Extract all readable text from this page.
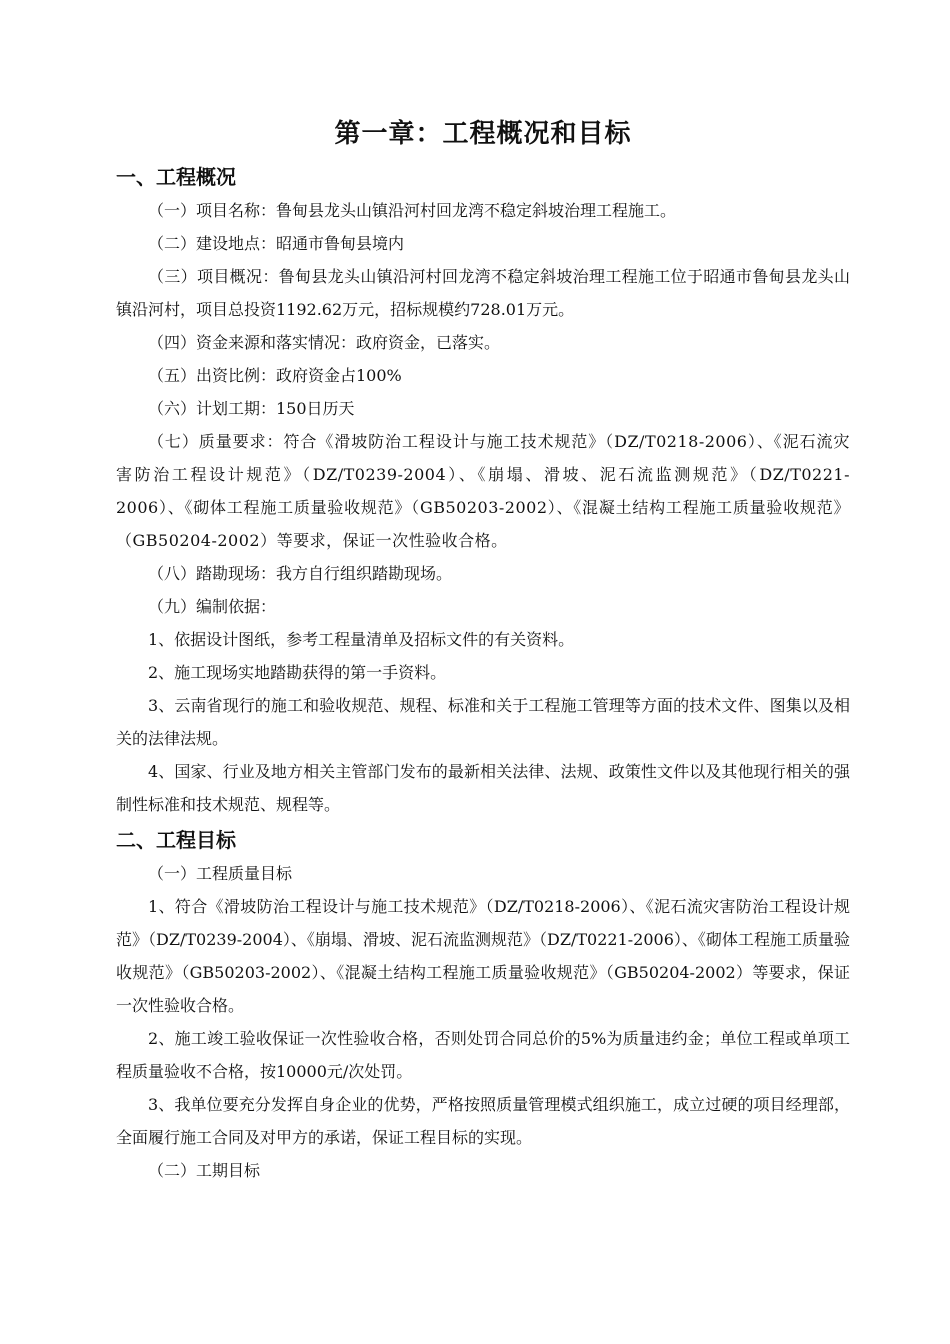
第一章：工程概况和目标
一、工程概况

（一）项目名称：鲁甸县龙头山镇沿河村回龙湾不稳定斜坡治理工程施工。

（二）建设地点：昭通市鲁甸县境内

（三）项目概况：鲁甸县龙头山镇沿河村回龙湾不稳定斜坡治理工程施工位于昭通市鲁甸县龙头山镇沿河村，项目总投资1192.62万元，招标规模约728.01万元。

（四）资金来源和落实情况：政府资金，已落实。

（五）出资比例：政府资金占100%

（六）计划工期：150日历天

（七）质量要求：符合《滑坡防治工程设计与施工技术规范》（DZ/T0218-2006）、《泥石流灾害防治工程设计规范》（DZ/T0239-2004）、《崩塌、滑坡、泥石流监测规范》（DZ/T0221-2006）、《砌体工程施工质量验收规范》（GB50203-2002）、《混凝土结构工程施工质量验收规范》（GB50204-2002）等要求，保证一次性验收合格。

（八）踏勘现场：我方自行组织踏勘现场。

（九）编制依据：

1、依据设计图纸，参考工程量清单及招标文件的有关资料。

2、施工现场实地踏勘获得的第一手资料。

3、云南省现行的施工和验收规范、规程、标准和关于工程施工管理等方面的技术文件、图集以及相关的法律法规。

4、国家、行业及地方相关主管部门发布的最新相关法律、法规、政策性文件以及其他现行相关的强制性标准和技术规范、规程等。

二、工程目标

（一）工程质量目标

1、符合《滑坡防治工程设计与施工技术规范》（DZ/T0218-2006）、《泥石流灾害防治工程设计规范》（DZ/T0239-2004）、《崩塌、滑坡、泥石流监测规范》（DZ/T0221-2006）、《砌体工程施工质量验收规范》（GB50203-2002）、《混凝土结构工程施工质量验收规范》（GB50204-2002）等要求，保证一次性验收合格。

2、施工竣工验收保证一次性验收合格，否则处罚合同总价的5%为质量违约金；单位工程或单项工程质量验收不合格，按10000元/次处罚。

3、我单位要充分发挥自身企业的优势，严格按照质量管理模式组织施工，成立过硬的项目经理部，全面履行施工合同及对甲方的承诺，保证工程目标的实现。

（二）工期目标
